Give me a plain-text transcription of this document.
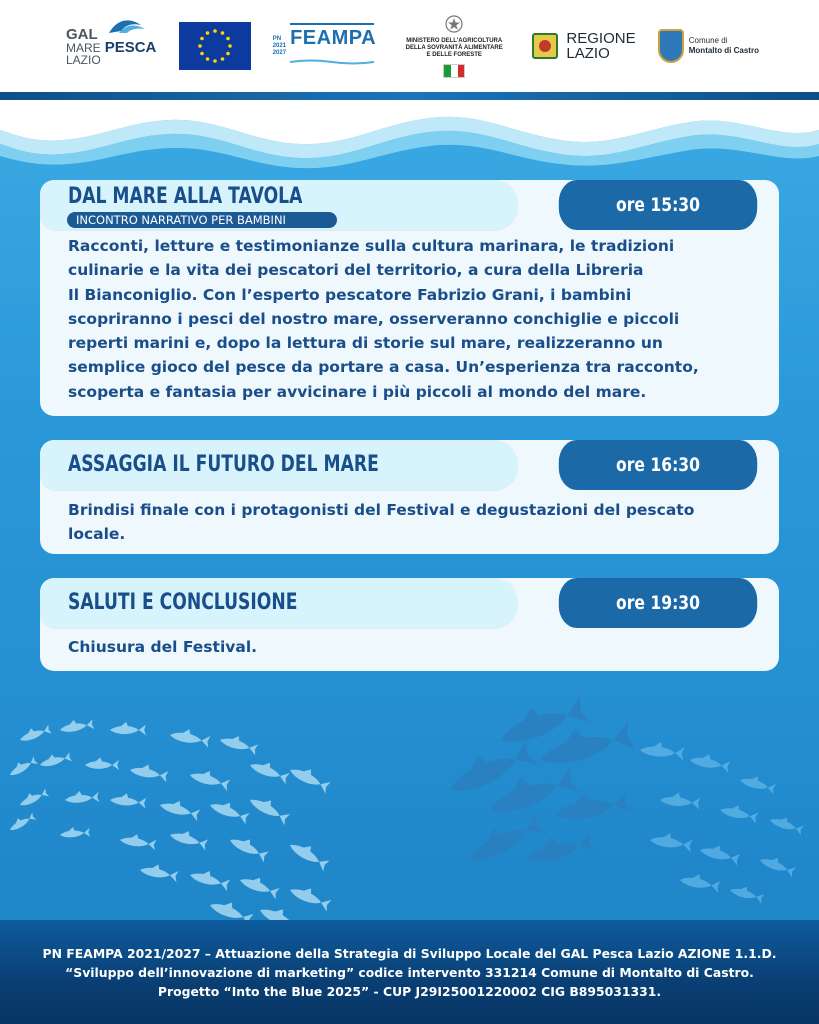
GAL
MARE
LAZIO
PESCA	PN
2021
2027
FEAMPA	MINISTERO DELL'AGRICOLTURA
DELLA SOVRANITÀ ALIMENTARE
E DELLE FORESTE
REGIONE
LAZIO
Comune di
Montalto di Castro
ore 15:30
DAL MARE ALLA TAVOLA
INCONTRO NARRATIVO PER BAMBINI
Racconti, letture e testimonianze sulla cultura marinara, le tradizioni
culinarie e la vita dei pescatori del territorio, a cura della Libreria
Il Bianconiglio. Con l’esperto pescatore Fabrizio Grani, i bambini
scopriranno i pesci del nostro mare, osserveranno conchiglie e piccoli
reperti marini e, dopo la lettura di storie sul mare, realizzeranno un
semplice gioco del pesce da portare a casa. Un’esperienza tra racconto,
scoperta e fantasia per avvicinare i più piccoli al mondo del mare.
ore 16:30
ASSAGGIA IL FUTURO DEL MARE
Brindisi finale con i protagonisti del Festival e degustazioni del pescato
locale.
ore 19:30
SALUTI E CONCLUSIONE
Chiusura del Festival.
PN FEAMPA 2021/2027 – Attuazione della Strategia di Sviluppo Locale del GAL Pesca Lazio AZIONE 1.1.D.
“Sviluppo dell’innovazione di marketing” codice intervento 331214 Comune di Montalto di Castro.
Progetto “Into the Blue 2025” - CUP J29I25001220002 CIG B895031331.
